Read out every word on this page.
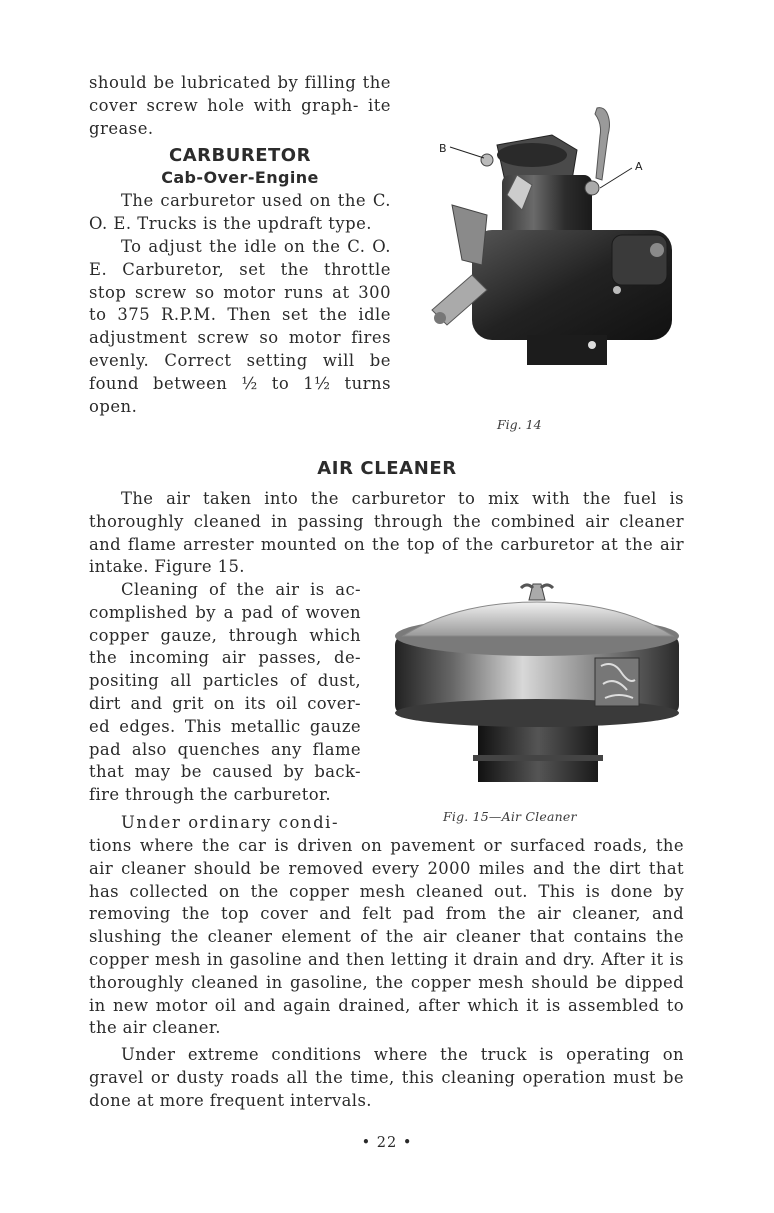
should be lubricated by filling the cover screw hole with graph- ite grease.

CARBURETOR
Cab-Over-Engine

The carburetor used on the C. O. E. Trucks is the updraft type.

To adjust the idle on the C. O. E. Carburetor, set the throttle stop screw so motor runs at 300 to 375 R.P.M. Then set the idle adjustment screw so motor fires evenly. Correct setting will be found between ½ to 1½ turns open.

B
A
Fig. 14
AIR CLEANER

The air taken into the carburetor to mix with the fuel is thoroughly cleaned in passing through the combined air cleaner and flame arrester mounted on the top of the carburetor at the air intake. Figure 15.

Cleaning of the air is ac- complished by a pad of woven copper gauze, through which the incoming air passes, de- positing all particles of dust, dirt and grit on its oil cover- ed edges. This metallic gauze pad also quenches any flame that may be caused by back- fire through the carburetor.

Under ordinary condi-	Fig. 15—Air Cleaner

tions where the car is driven on pavement or surfaced roads, the air cleaner should be removed every 2000 miles and the dirt that has collected on the copper mesh cleaned out. This is done by removing the top cover and felt pad from the air cleaner, and slushing the cleaner element of the air cleaner that contains the copper mesh in gasoline and then letting it drain and dry. After it is thoroughly cleaned in gasoline, the copper mesh should be dipped in new motor oil and again drained, after which it is assembled to the air cleaner.

Under extreme conditions where the truck is operating on gravel or dusty roads all the time, this cleaning operation must be done at more frequent intervals.

• 22 •
